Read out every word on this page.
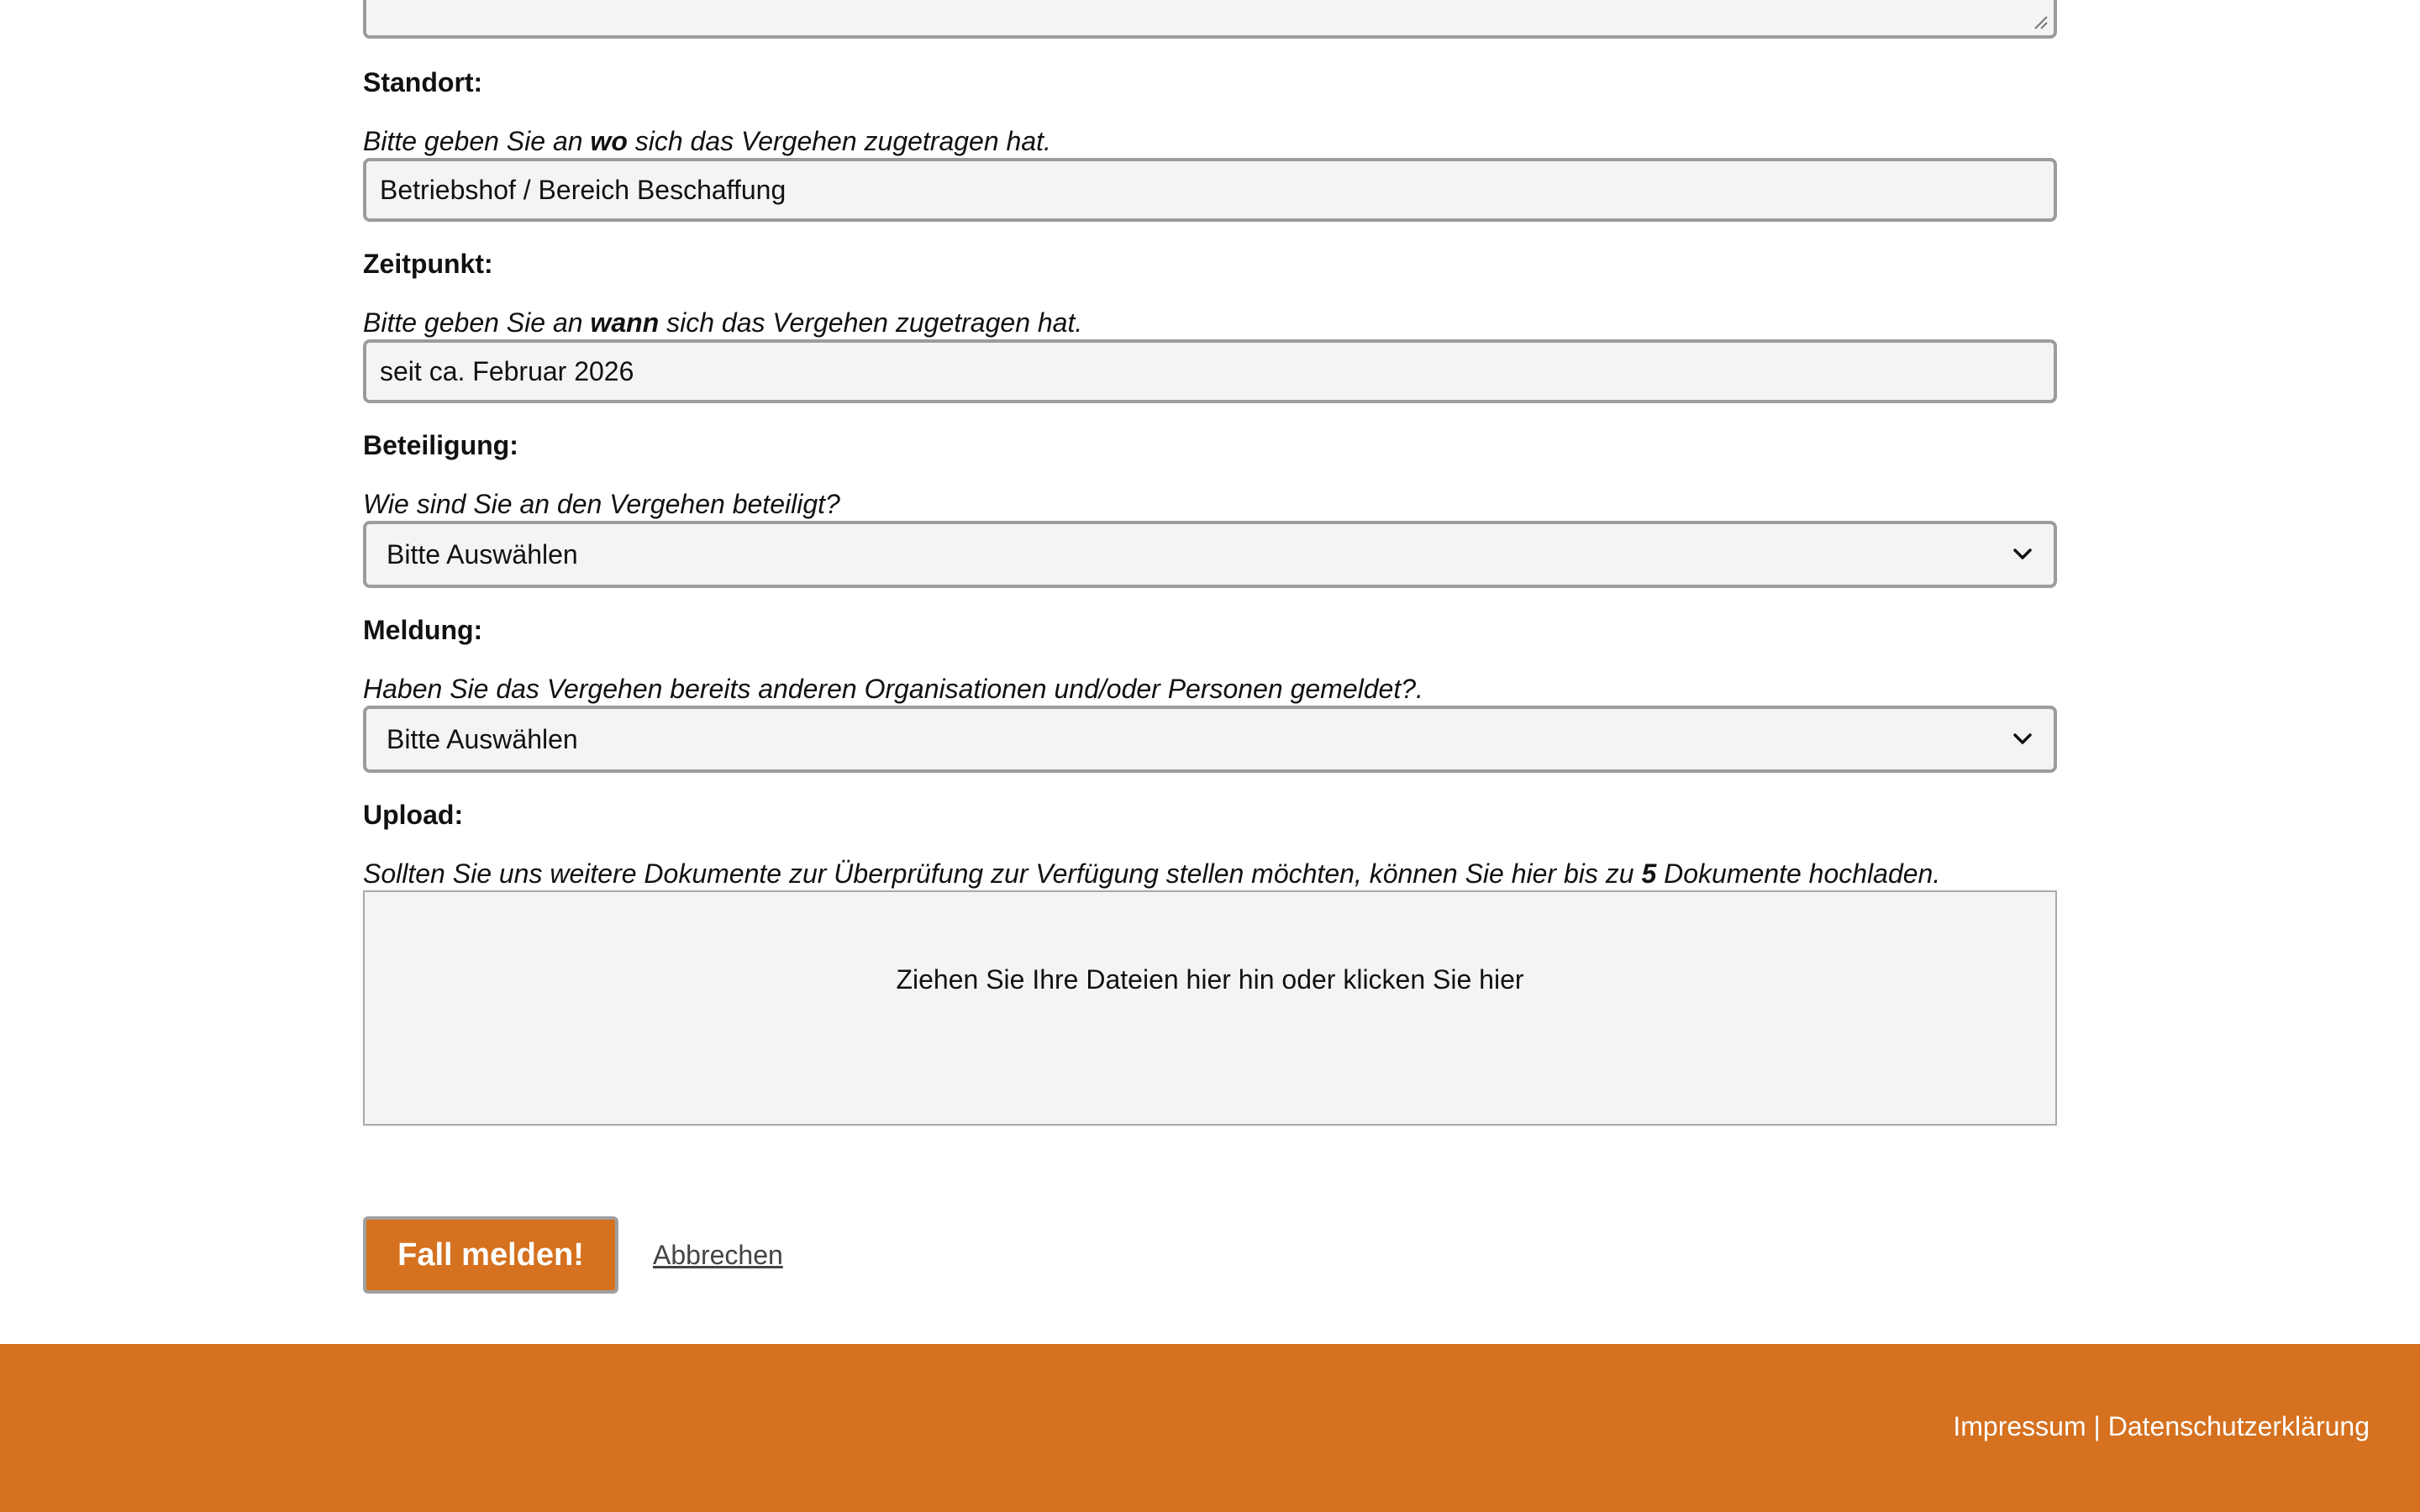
Standort:
Bitte geben Sie an wo sich das Vergehen zugetragen hat.
Betriebshof / Bereich Beschaffung
Zeitpunkt:
Bitte geben Sie an wann sich das Vergehen zugetragen hat.
seit ca. Februar 2026
Beteiligung:
Wie sind Sie an den Vergehen beteiligt?
Bitte Auswählen
Meldung:
Haben Sie das Vergehen bereits anderen Organisationen und/oder Personen gemeldet?.
Bitte Auswählen
Upload:
Sollten Sie uns weitere Dokumente zur Überprüfung zur Verfügung stellen möchten, können Sie hier bis zu 5 Dokumente hochladen.
Ziehen Sie Ihre Dateien hier hin oder klicken Sie hier
Fall melden!	Abbrechen
Impressum | Datenschutzerklärung
